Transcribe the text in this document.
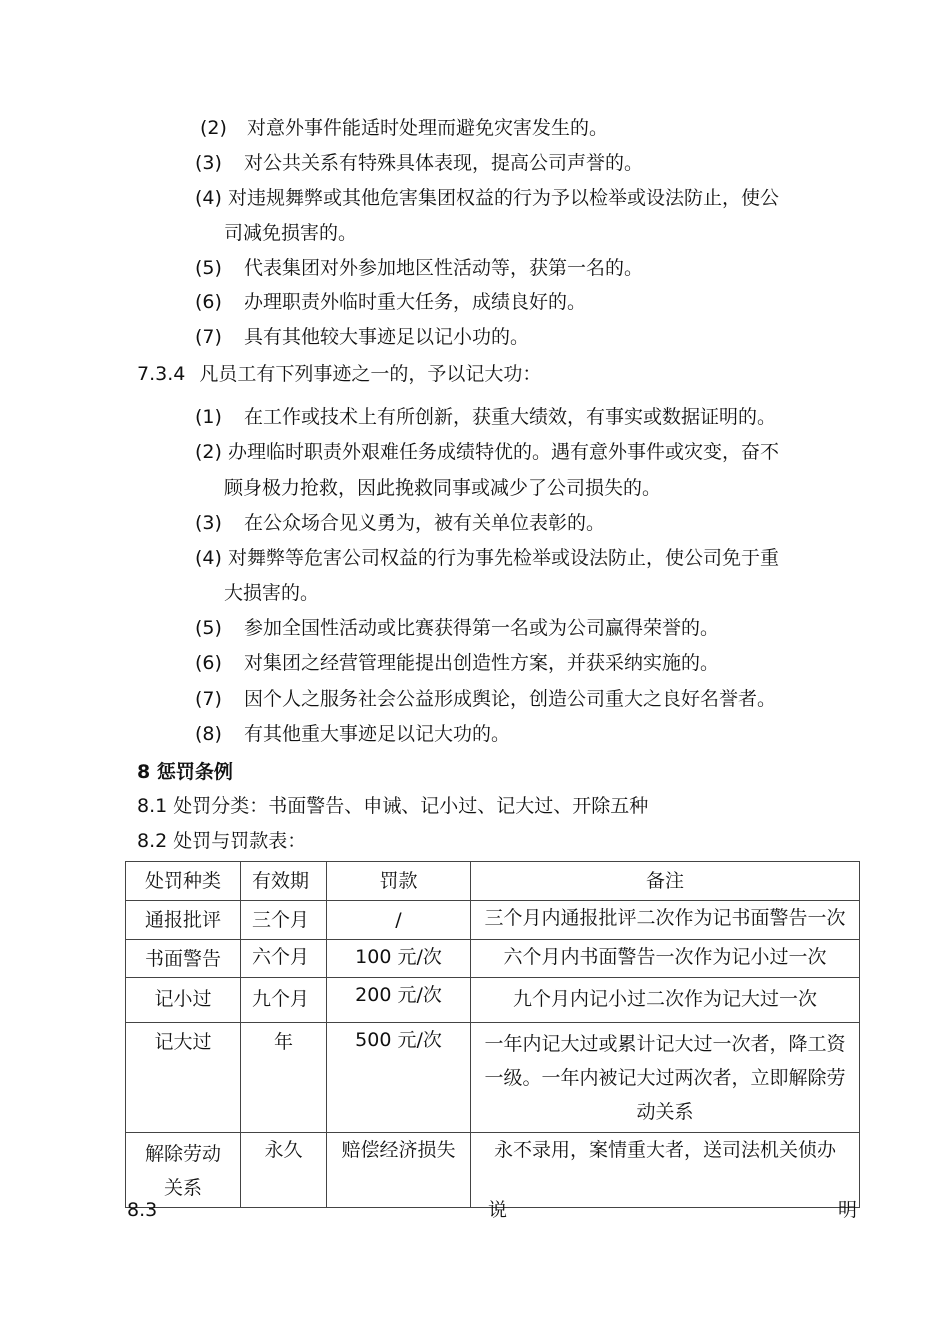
(2) 对意外事件能适时处理而避免灾害发生的。
(3) 对公共关系有特殊具体表现，提高公司声誉的。
(4) 对违规舞弊或其他危害集团权益的行为予以检举或设法防止，使公
司减免损害的。
(5) 代表集团对外参加地区性活动等，获第一名的。
(6) 办理职责外临时重大任务，成绩良好的。
(7) 具有其他较大事迹足以记小功的。
7.3.4 凡员工有下列事迹之一的，予以记大功：
(1) 在工作或技术上有所创新，获重大绩效，有事实或数据证明的。
(2) 办理临时职责外艰难任务成绩特优的。遇有意外事件或灾变，奋不
顾身极力抢救，因此挽救同事或减少了公司损失的。
(3) 在公众场合见义勇为，被有关单位表彰的。
(4) 对舞弊等危害公司权益的行为事先检举或设法防止，使公司免于重
大损害的。
(5) 参加全国性活动或比赛获得第一名或为公司赢得荣誉的。
(6) 对集团之经营管理能提出创造性方案，并获采纳实施的。
(7) 因个人之服务社会公益形成舆论，创造公司重大之良好名誉者。
(8) 有其他重大事迹足以记大功的。
8 惩罚条例
8.1 处罚分类：书面警告、申诫、记小过、记大过、开除五种
8.2 处罚与罚款表：
处罚种类	有效期	罚款	备注

通报批评	三个月	/	三个月内通报批评二次作为记书面警告一次

书面警告	六个月	100 元/次	六个月内书面警告一次作为记小过一次

记小过	九个月	200 元/次	九个月内记小过二次作为记大过一次

记大过	年	500 元/次	一年内记大过或累计记大过一次者，降工资一级。一年内被记大过两次者，立即解除劳动关系

解除劳动关系	永久	赔偿经济损失	永不录用，案情重大者，送司法机关侦办
8.3	说	明
